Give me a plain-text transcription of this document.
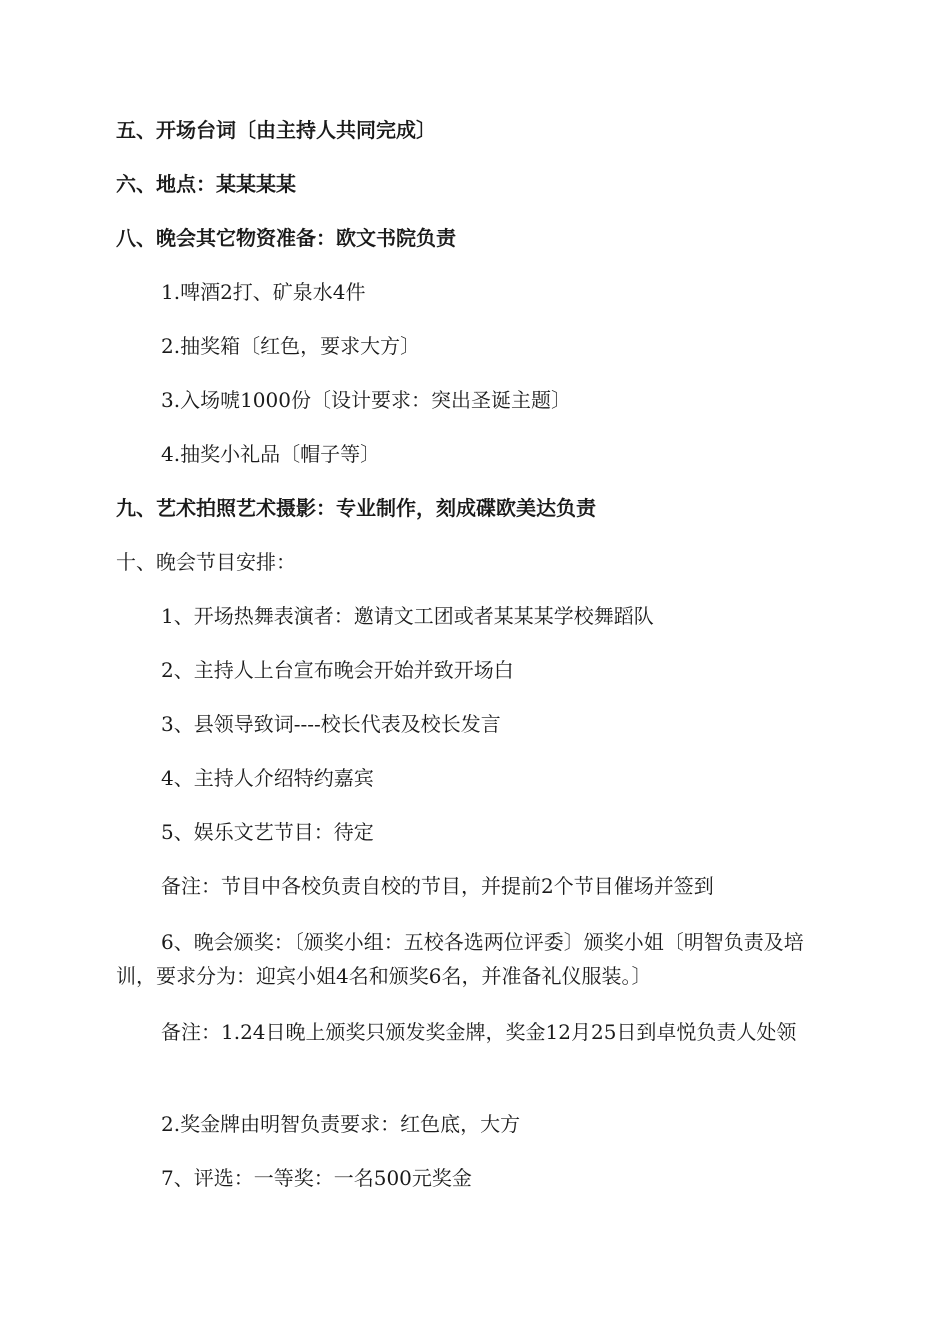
五、开场台词〔由主持人共同完成〕
六、地点：某某某某
八、晚会其它物资准备：欧文书院负责
1.啤酒2打、矿泉水4件
2.抽奖箱〔红色，要求大方〕
3.入场唬1000份〔设计要求：突出圣诞主题〕
4.抽奖小礼品〔帽子等〕
九、艺术拍照艺术摄影：专业制作，刻成碟欧美达负责
十、晚会节目安排：
1、开场热舞表演者：邀请文工团或者某某某学校舞蹈队
2、主持人上台宣布晚会开始并致开场白
3、县领导致词----校长代表及校长发言
4、主持人介绍特约嘉宾
5、娱乐文艺节目：待定
备注：节目中各校负责自校的节目，并提前2个节目催场并签到
6、晚会颁奖：〔颁奖小组：五校各选两位评委〕颁奖小姐〔明智负责及培训，要求分为：迎宾小姐4名和颁奖6名，并准备礼仪服装。〕
备注：1.24日晚上颁奖只颁发奖金牌，奖金12月25日到卓悦负责人处领
2.奖金牌由明智负责要求：红色底，大方
7、评选：一等奖：一名500元奖金
